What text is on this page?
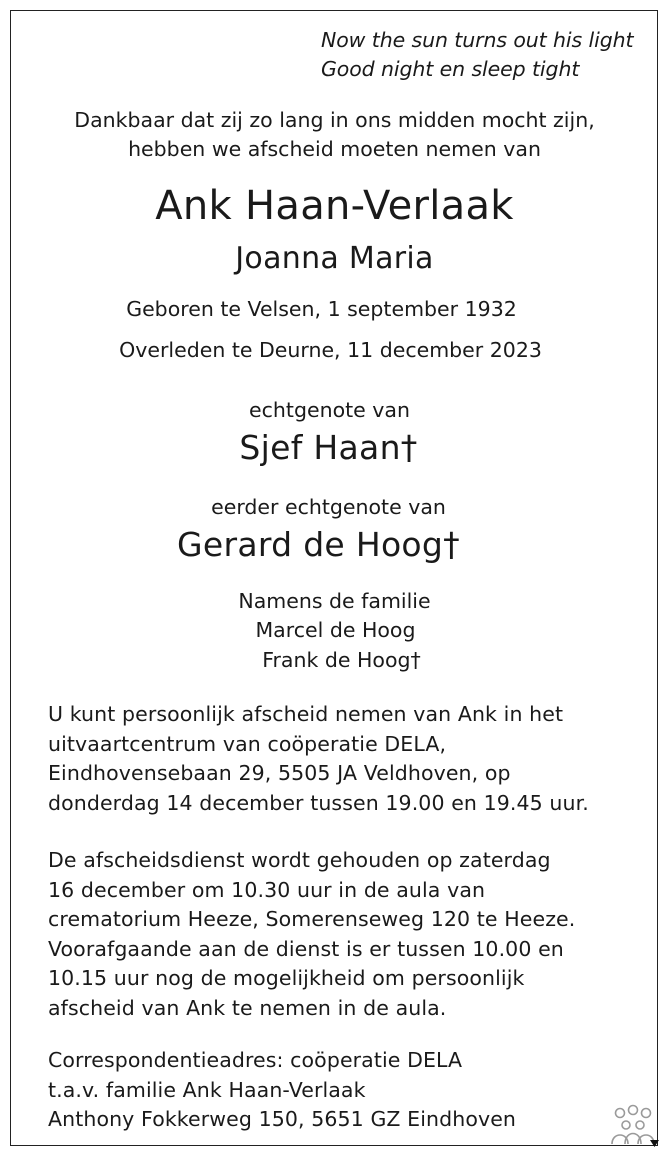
Now the sun turns out his light
Good night en sleep tight
Dankbaar dat zij zo lang in ons midden mocht zijn,
hebben we afscheid moeten nemen van
Ank Haan-Verlaak
Joanna Maria
Geboren te Velsen, 1 september 1932
Overleden te Deurne, 11 december 2023
echtgenote van
Sjef Haan†
eerder echtgenote van
Gerard de Hoog†
Namens de familie
Marcel de Hoog
Frank de Hoog†
U kunt persoonlijk afscheid nemen van Ank in het
uitvaartcentrum van coöperatie DELA,
Eindhovensebaan 29, 5505 JA Veldhoven, op
donderdag 14 december tussen 19.00 en 19.45 uur.
De afscheidsdienst wordt gehouden op zaterdag
16 december om 10.30 uur in de aula van
crematorium Heeze, Somerenseweg 120 te Heeze.
Voorafgaande aan de dienst is er tussen 10.00 en
10.15 uur nog de mogelijkheid om persoonlijk
afscheid van Ank te nemen in de aula.
Correspondentieadres: coöperatie DELA
t.a.v. familie Ank Haan-Verlaak
Anthony Fokkerweg 150, 5651 GZ Eindhoven
